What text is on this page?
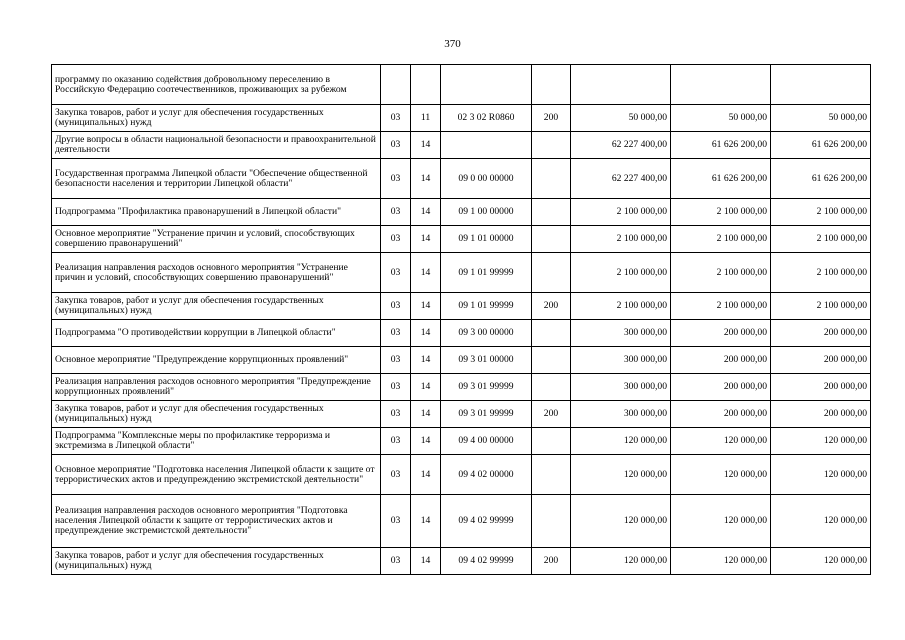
370
программу по оказанию содействия добровольному переселению в Российскую Федерацию соотечественников, проживающих за рубежом							
Закупка товаров, работ и услуг для обеспечения государственных (муниципальных) нужд	03	11	02 3 02 R0860	200	50 000,00	50 000,00	50 000,00
Другие вопросы в области национальной безопасности и правоохранительной деятельности	03	14			62 227 400,00	61 626 200,00	61 626 200,00
Государственная программа Липецкой области "Обеспечение общественной безопасности населения и территории Липецкой области"	03	14	09 0 00 00000		62 227 400,00	61 626 200,00	61 626 200,00
Подпрограмма "Профилактика правонарушений в Липецкой области"	03	14	09 1 00 00000		2 100 000,00	2 100 000,00	2 100 000,00
Основное мероприятие "Устранение причин и условий, способствующих совершению правонарушений"	03	14	09 1 01 00000		2 100 000,00	2 100 000,00	2 100 000,00
Реализация направления расходов основного мероприятия "Устранение причин и условий, способствующих совершению правонарушений"	03	14	09 1 01 99999		2 100 000,00	2 100 000,00	2 100 000,00
Закупка товаров, работ и услуг для обеспечения государственных (муниципальных) нужд	03	14	09 1 01 99999	200	2 100 000,00	2 100 000,00	2 100 000,00
Подпрограмма "О противодействии коррупции в Липецкой области"	03	14	09 3 00 00000		300 000,00	200 000,00	200 000,00
Основное мероприятие "Предупреждение коррупционных проявлений"	03	14	09 3 01 00000		300 000,00	200 000,00	200 000,00
Реализация направления расходов основного мероприятия "Предупреждение коррупционных проявлений"	03	14	09 3 01 99999		300 000,00	200 000,00	200 000,00
Закупка товаров, работ и услуг для обеспечения государственных (муниципальных) нужд	03	14	09 3 01 99999	200	300 000,00	200 000,00	200 000,00
Подпрограмма "Комплексные меры по профилактике терроризма и экстремизма в Липецкой области"	03	14	09 4 00 00000		120 000,00	120 000,00	120 000,00
Основное мероприятие "Подготовка населения Липецкой области к защите от террористических актов и предупреждению экстремистской деятельности"	03	14	09 4 02 00000		120 000,00	120 000,00	120 000,00
Реализация направления расходов основного мероприятия "Подготовка населения Липецкой области к защите от террористических актов и предупреждение экстремистской деятельности"	03	14	09 4 02 99999		120 000,00	120 000,00	120 000,00
Закупка товаров, работ и услуг для обеспечения государственных (муниципальных) нужд	03	14	09 4 02 99999	200	120 000,00	120 000,00	120 000,00
